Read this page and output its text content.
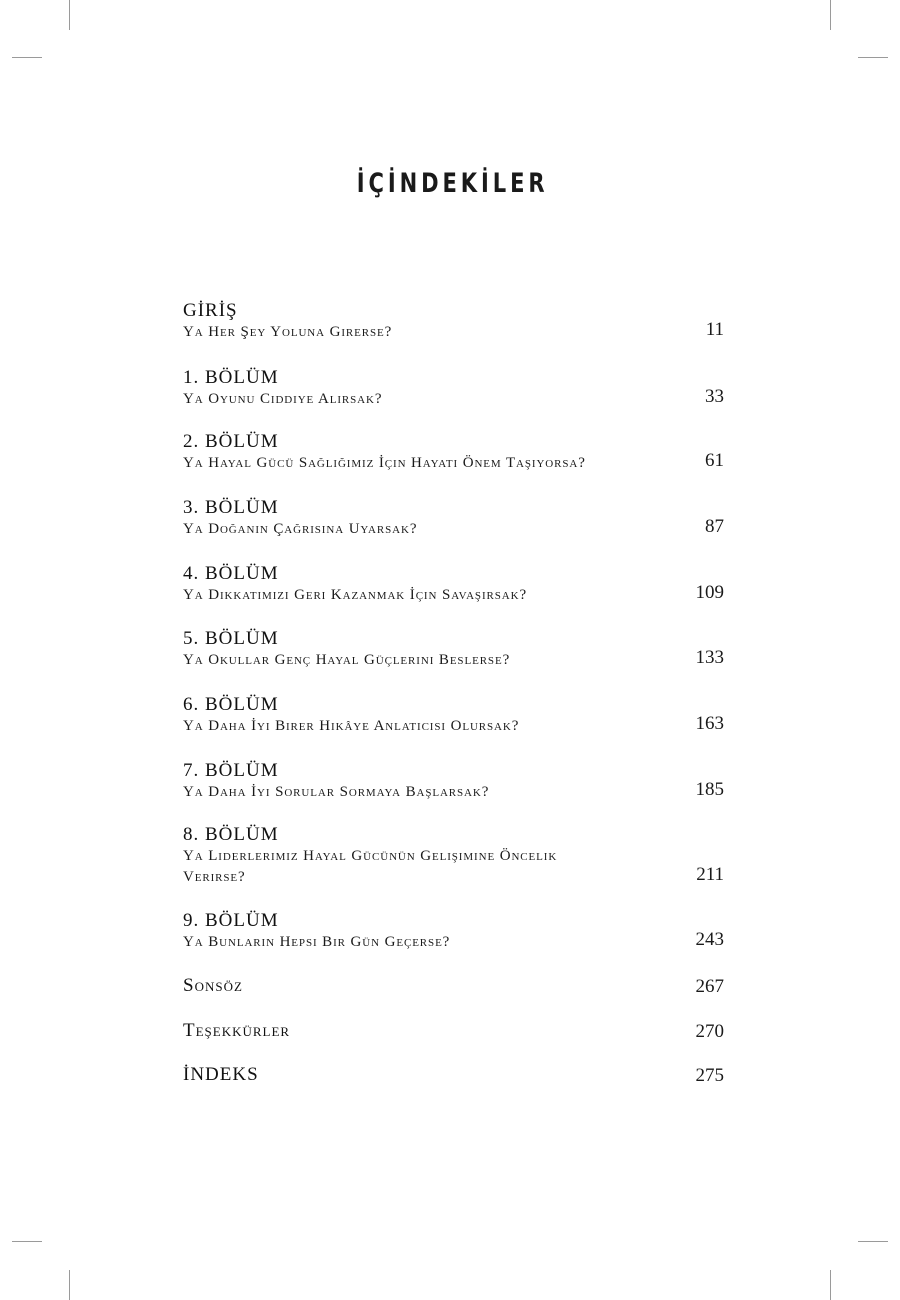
İÇİNDEKİLER
GİRİŞ
Ya Her Şey Yoluna Girerse?	11
1. BÖLÜM
Ya Oyunu Ciddiye Alırsak?	33
2. BÖLÜM
Ya Hayal Gücü Sağlığımız İçin Hayati Önem Taşıyorsa?	61
3. BÖLÜM
Ya Doğanın Çağrısına Uyarsak?	87
4. BÖLÜM
Ya Dikkatimizi Geri Kazanmak İçin Savaşırsak?	109
5. BÖLÜM
Ya Okullar Genç Hayal Güçlerini Beslerse?	133
6. BÖLÜM
Ya Daha İyi Birer Hikâye Anlatıcısı Olursak?	163
7. BÖLÜM
Ya Daha İyi Sorular Sormaya Başlarsak?	185
8. BÖLÜM
Ya Liderlerimiz Hayal Gücünün Gelişimine Öncelik Verirse?	211
9. BÖLÜM
Ya Bunların Hepsi Bir Gün Geçerse?	243
Sonsöz	267
Teşekkürler	270
İNDEKS	275
